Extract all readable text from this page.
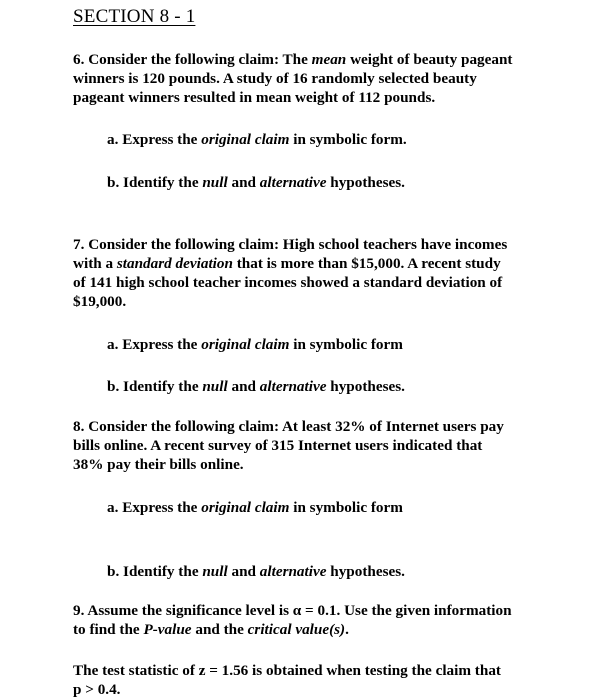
SECTION 8 - 1
6. Consider the following claim: The mean weight of beauty pageant
winners is 120 pounds. A study of 16 randomly selected beauty
pageant winners resulted in mean weight of 112 pounds.
a. Express the original claim in symbolic form.
b. Identify the null and alternative hypotheses.
7. Consider the following claim: High school teachers have incomes
with a standard deviation that is more than $15,000. A recent study
of 141 high school teacher incomes showed a standard deviation of
$19,000.
a. Express the original claim in symbolic form
b. Identify the null and alternative hypotheses.
8. Consider the following claim: At least 32% of Internet users pay
bills online. A recent survey of 315 Internet users indicated that
38% pay their bills online.
a. Express the original claim in symbolic form
b. Identify the null and alternative hypotheses.
9. Assume the significance level is α = 0.1. Use the given information
to find the P-value and the critical value(s).
The test statistic of z = 1.56 is obtained when testing the claim that
p > 0.4.
